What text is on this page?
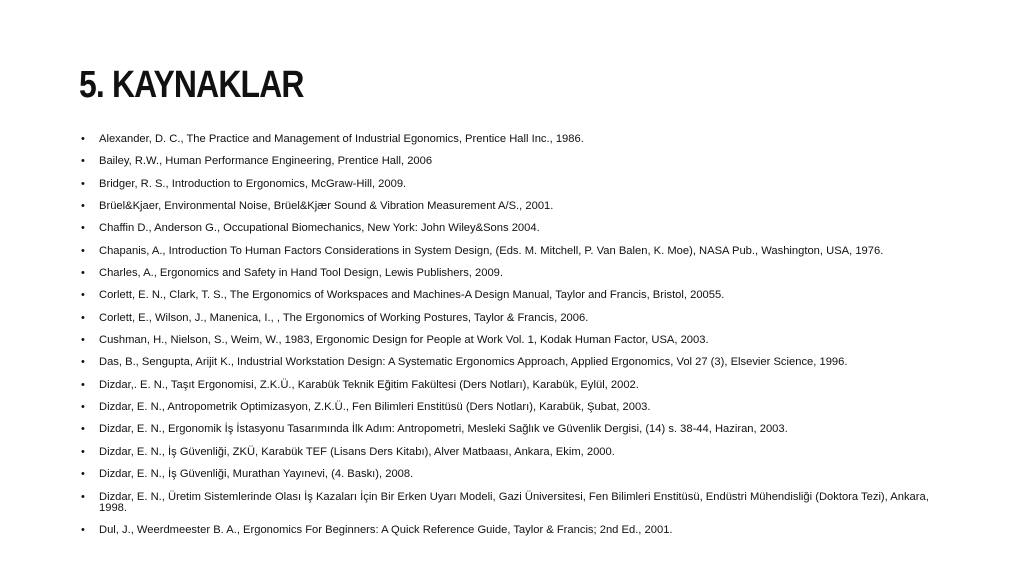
5. KAYNAKLAR
• Alexander, D. C., The Practice and Management of Industrial Egonomics, Prentice Hall Inc., 1986.
• Bailey, R.W., Human Performance Engineering, Prentice Hall, 2006
• Bridger, R. S., Introduction to Ergonomics, McGraw-Hill, 2009.
• Brüel&Kjaer, Environmental Noise, Brüel&Kjær Sound & Vibration Measurement A/S., 2001.
• Chaffin D., Anderson G., Occupational Biomechanics, New York: John Wiley&Sons 2004.
• Chapanis, A., Introduction To Human Factors Considerations in System Design, (Eds. M. Mitchell, P. Van Balen, K. Moe), NASA Pub., Washington, USA, 1976.
• Charles, A., Ergonomics and Safety in Hand Tool Design, Lewis Publishers, 2009.
• Corlett, E. N., Clark, T. S., The Ergonomics of Workspaces and Machines-A Design Manual, Taylor and Francis, Bristol, 20055.
• Corlett, E., Wilson, J., Manenica, I., , The Ergonomics of Working Postures, Taylor & Francis, 2006.
• Cushman, H., Nielson, S., Weim, W., 1983, Ergonomic Design for People at Work Vol. 1, Kodak Human Factor, USA, 2003.
• Das, B., Sengupta, Arijit K., Industrial Workstation Design: A Systematic Ergonomics Approach, Applied Ergonomics, Vol 27 (3), Elsevier Science, 1996.
• Dizdar,. E. N., Taşıt Ergonomisi, Z.K.Ü., Karabük Teknik Eğitim Fakültesi (Ders Notları), Karabük, Eylül, 2002.
• Dizdar, E. N., Antropometrik Optimizasyon, Z.K.Ü., Fen Bilimleri Enstitüsü (Ders Notları), Karabük, Şubat, 2003.
• Dizdar, E. N., Ergonomik İş İstasyonu Tasarımında İlk Adım: Antropometri, Mesleki Sağlık ve Güvenlik Dergisi, (14) s. 38-44, Haziran, 2003.
• Dizdar, E. N., İş Güvenliği, ZKÜ, Karabük TEF (Lisans Ders Kitabı), Alver Matbaası, Ankara, Ekim, 2000.
• Dizdar, E. N., İş Güvenliği, Murathan Yayınevi, (4. Baskı), 2008.
• Dizdar, E. N., Üretim Sistemlerinde Olası İş Kazaları İçin Bir Erken Uyarı Modeli, Gazi Üniversitesi, Fen Bilimleri Enstitüsü, Endüstri Mühendisliği (Doktora Tezi), Ankara, 1998.
• Dul, J., Weerdmeester B. A., Ergonomics For Beginners: A Quick Reference Guide, Taylor & Francis; 2nd Ed., 2001.
